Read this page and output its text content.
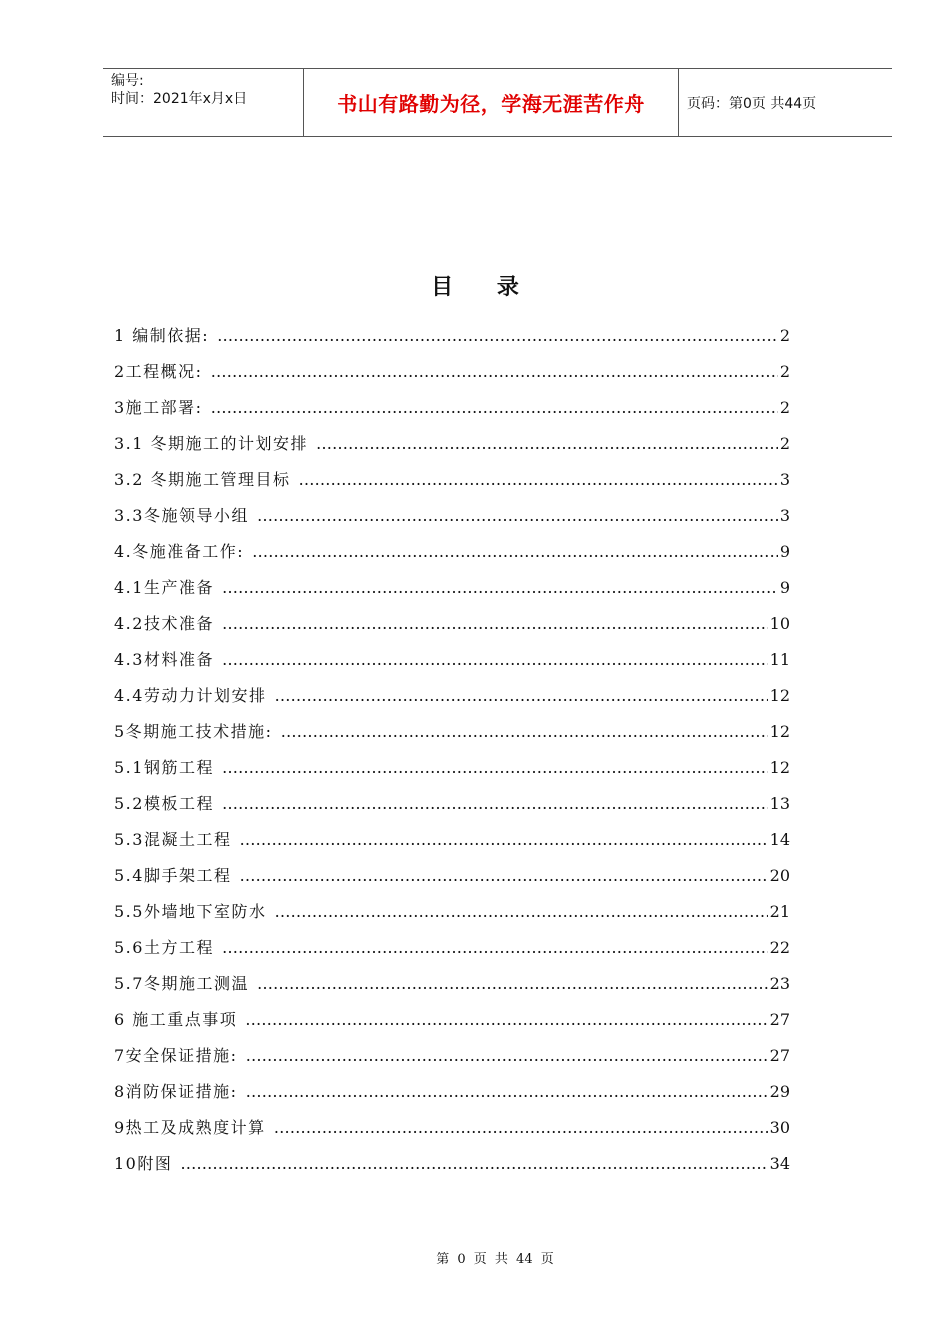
编号:
时间：2021年x月x日	书山有路勤为径，学海无涯苦作舟	页码：第0页 共44页
目 录
1 编制依据: …………………………………………………………………………………………………………………………………………………………………………………………………	2
2工程概况: …………………………………………………………………………………………………………………………………………………………………………………………………	2
3施工部署: …………………………………………………………………………………………………………………………………………………………………………………………………	2
3.1 冬期施工的计划安排 …………………………………………………………………………………………………………………………………………………………………………………………………	2
3.2 冬期施工管理目标 …………………………………………………………………………………………………………………………………………………………………………………………………	3
3.3冬施领导小组 …………………………………………………………………………………………………………………………………………………………………………………………………	3
4.冬施准备工作: …………………………………………………………………………………………………………………………………………………………………………………………………	9
4.1生产准备 …………………………………………………………………………………………………………………………………………………………………………………………………	9
4.2技术准备 …………………………………………………………………………………………………………………………………………………………………………………………………	10
4.3材料准备 …………………………………………………………………………………………………………………………………………………………………………………………………	11
4.4劳动力计划安排 …………………………………………………………………………………………………………………………………………………………………………………………………	12
5冬期施工技术措施: …………………………………………………………………………………………………………………………………………………………………………………………………	12
5.1钢筋工程 …………………………………………………………………………………………………………………………………………………………………………………………………	12
5.2模板工程 …………………………………………………………………………………………………………………………………………………………………………………………………	13
5.3混凝土工程 …………………………………………………………………………………………………………………………………………………………………………………………………	14
5.4脚手架工程 …………………………………………………………………………………………………………………………………………………………………………………………………	20
5.5外墙地下室防水 …………………………………………………………………………………………………………………………………………………………………………………………………	21
5.6土方工程 …………………………………………………………………………………………………………………………………………………………………………………………………	22
5.7冬期施工测温 …………………………………………………………………………………………………………………………………………………………………………………………………	23
6 施工重点事项 …………………………………………………………………………………………………………………………………………………………………………………………………	27
7安全保证措施: …………………………………………………………………………………………………………………………………………………………………………………………………	27
8消防保证措施: …………………………………………………………………………………………………………………………………………………………………………………………………	29
9热工及成熟度计算 …………………………………………………………………………………………………………………………………………………………………………………………………	30
10附图 …………………………………………………………………………………………………………………………………………………………………………………………………	34
第 0 页 共 44 页
